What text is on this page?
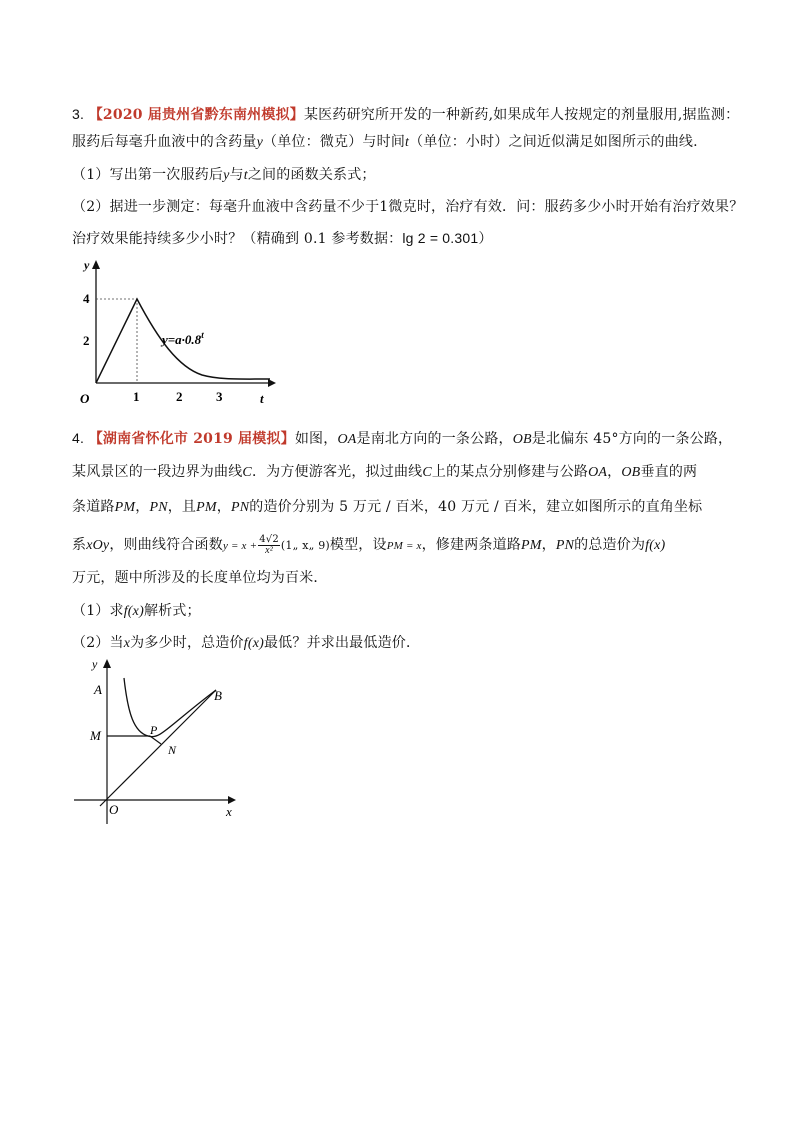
3. 【2020 届贵州省黔东南州模拟】某医药研究所开发的一种新药,如果成年人按规定的剂量服用,据监测：
服药后每毫升血液中的含药量y（单位：微克）与时间t（单位：小时）之间近似满足如图所示的曲线.
（1）写出第一次服药后y与t之间的函数关系式；
（2）据进一步测定：每毫升血液中含药量不少于1微克时，治疗有效．问：服药多少小时开始有治疗效果？
治疗效果能持续多少小时？（精确到 0.1 参考数据：lg 2 = 0.301）
y
t
O
4
2
1	2	3
$y=a\cdot 0.8^t$
4. 【湖南省怀化市 2019 届模拟】如图，OA是南北方向的一条公路，OB是北偏东 45°方向的一条公路，
某风景区的一段边界为曲线C．为方便游客光，拟过曲线C上的某点分别修建与公路OA，OB垂直的两
条道路PM，PN，且PM，PN的造价分别为 5 万元 / 百米，40 万元 / 百米，建立如图所示的直角坐标
系xOy，则曲线符合函数$y = x + \frac{4√2}{\text{x²}}$ (1„ x„ 9)模型，设PM = x，修建两条道路PM，PN的总造价为f(x)
万元，题中所涉及的长度单位均为百米．
（1）求f(x)解析式；
（2）当x为多少时，总造价f(x)最低？并求出最低造价．
y
x
O
A	B
M	P
N
